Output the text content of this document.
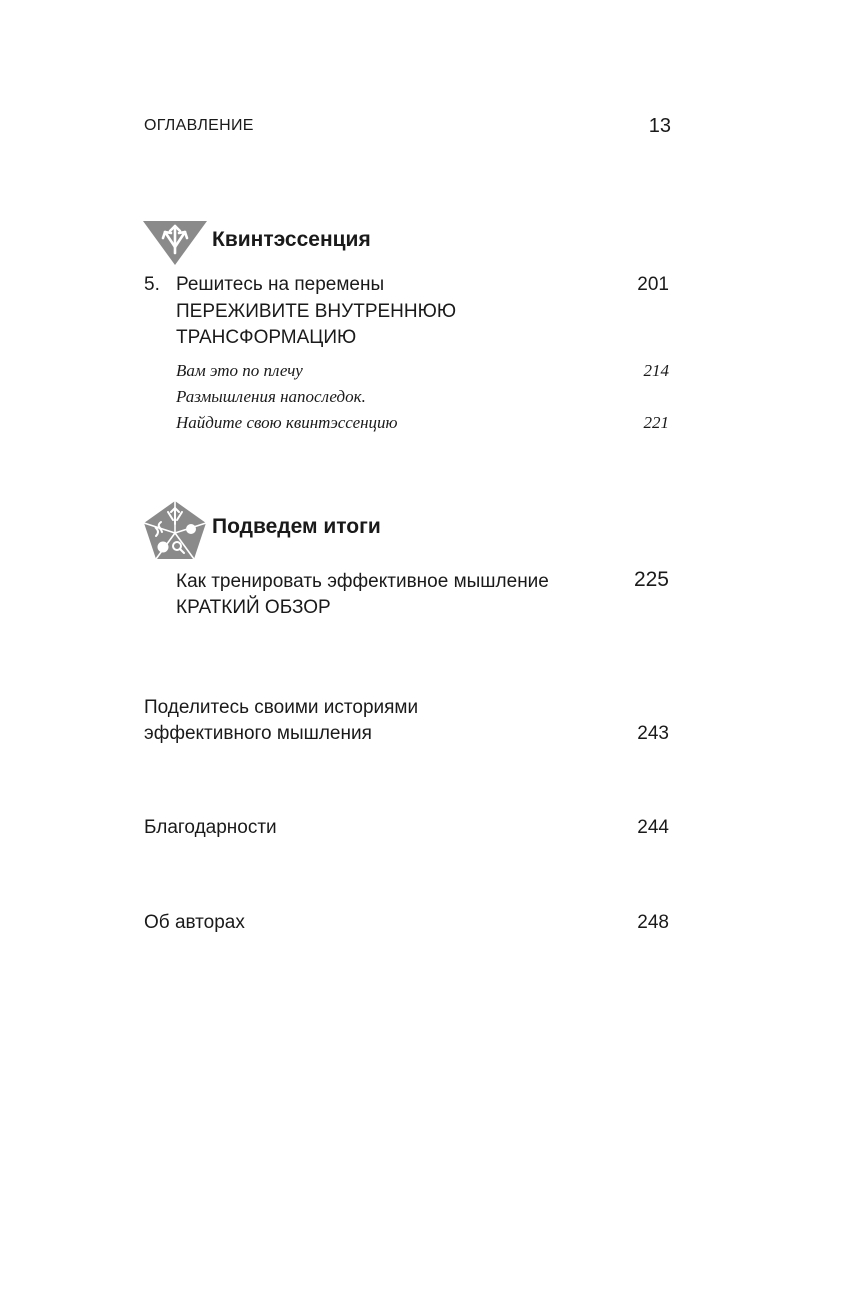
ОГЛАВЛЕНИЕ	13
Квинтэссенция
5. Решитесь на перемены	201
ПЕРЕЖИВИТЕ ВНУТРЕННЮЮ
ТРАНСФОРМАЦИЮ
Вам это по плечу	214
Размышления напоследок.
Найдите свою квинтэссенцию	221
Подведем итоги
Как тренировать эффективное мышление	225
КРАТКИЙ ОБЗОР
Поделитесь своими историями
эффективного мышления	243
Благодарности	244
Об авторах	248
